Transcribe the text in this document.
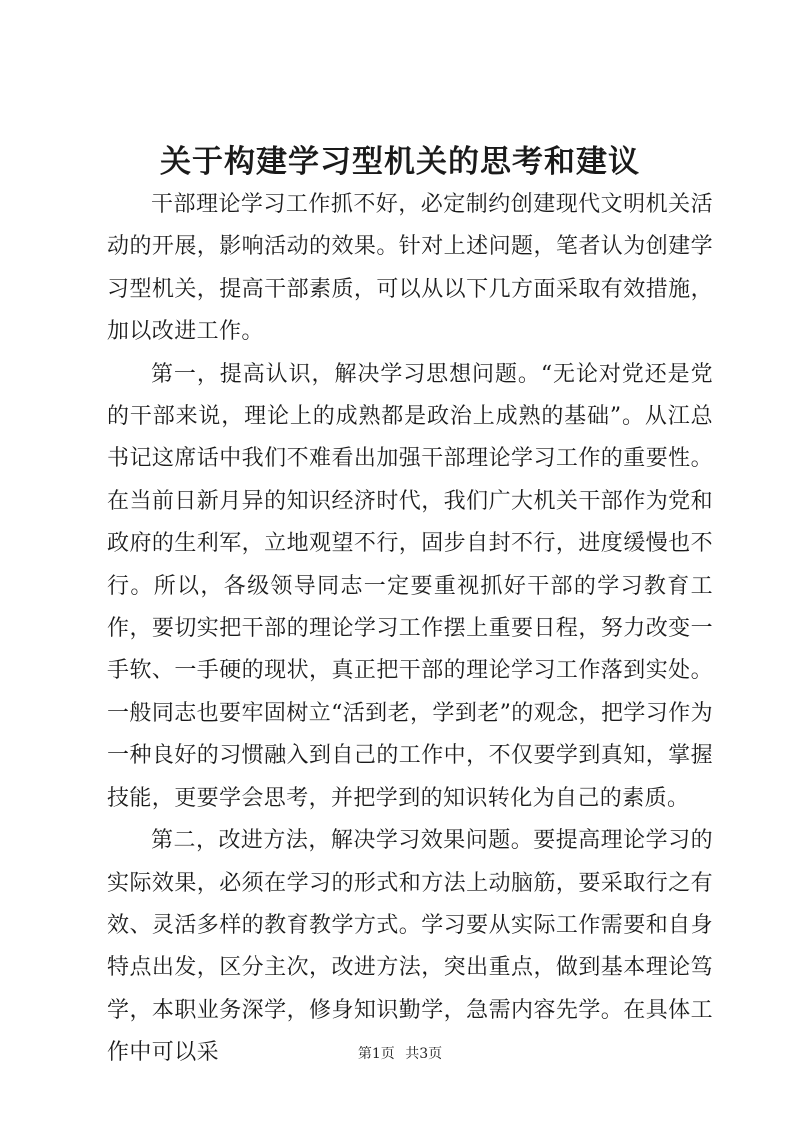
关于构建学习型机关的思考和建议

干部理论学习工作抓不好，必定制约创建现代文明机关活动的开展，影响活动的效果。针对上述问题，笔者认为创建学习型机关，提高干部素质，可以从以下几方面采取有效措施，加以改进工作。

第一，提高认识，解决学习思想问题。“无论对党还是党的干部来说，理论上的成熟都是政治上成熟的基础”。从江总书记这席话中我们不难看出加强干部理论学习工作的重要性。在当前日新月异的知识经济时代，我们广大机关干部作为党和政府的生利军，立地观望不行，固步自封不行，进度缓慢也不行。所以，各级领导同志一定要重视抓好干部的学习教育工作，要切实把干部的理论学习工作摆上重要日程，努力改变一手软、一手硬的现状，真正把干部的理论学习工作落到实处。一般同志也要牢固树立“活到老，学到老”的观念，把学习作为一种良好的习惯融入到自己的工作中，不仅要学到真知，掌握技能，更要学会思考，并把学到的知识转化为自己的素质。

第二，改进方法，解决学习效果问题。要提高理论学习的实际效果，必须在学习的形式和方法上动脑筋，要采取行之有效、灵活多样的教育教学方式。学习要从实际工作需要和自身特点出发，区分主次，改进方法，突出重点，做到基本理论笃学，本职业务深学，修身知识勤学，急需内容先学。在具体工作中可以采	第1页 共3页
